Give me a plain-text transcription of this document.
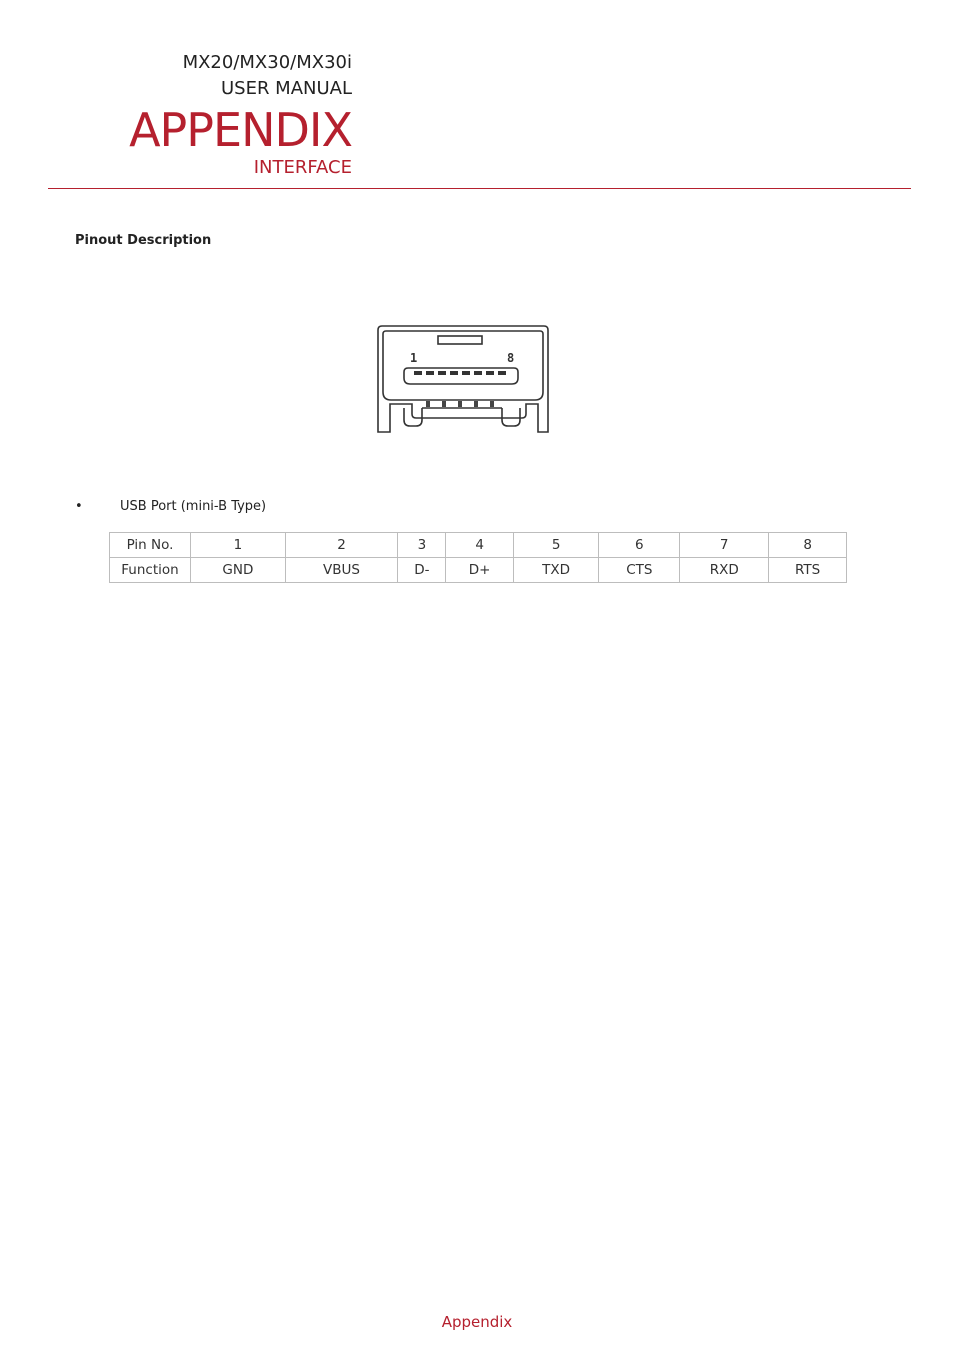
MX20/MX30/MX30i
USER MANUAL
APPENDIX
INTERFACE
Pinout Description
1	8
•	USB Port (mini-B Type)
Pin No.	1	2	3	4	5	6	7	8
Function	GND	VBUS	D-	D+	TXD	CTS	RXD	RTS
Appendix
